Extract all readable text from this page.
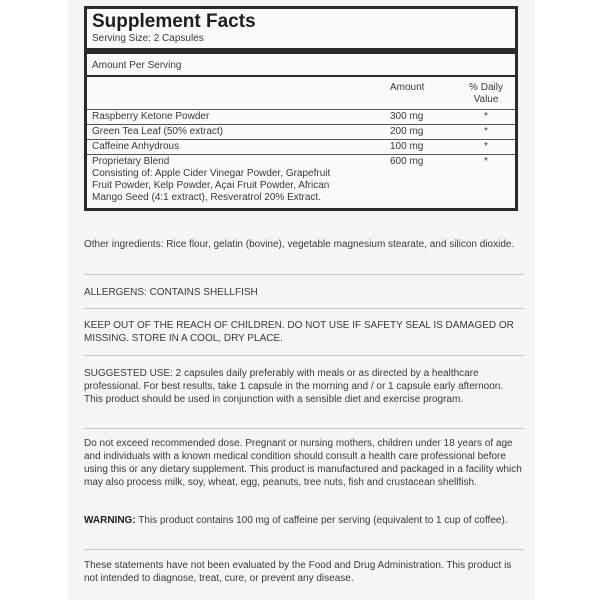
Supplement Facts
Serving Size: 2 Capsules
Amount Per Serving
Amount	% Daily
Value
Raspberry Ketone Powder	300 mg	*
Green Tea Leaf (50% extract)	200 mg	*
Caffeine Anhydrous	100 mg	*
Proprietary Blend
Consisting of: Apple Cider Vinegar Powder, Grapefruit
Fruit Powder, Kelp Powder, Açai Fruit Powder, African
Mango Seed (4:1 extract), Resveratrol 20% Extract.
600 mg	*
Other ingredients: Rice flour, gelatin (bovine), vegetable magnesium stearate, and silicon dioxide.
ALLERGENS: CONTAINS SHELLFISH
KEEP OUT OF THE REACH OF CHILDREN. DO NOT USE IF SAFETY SEAL IS DAMAGED OR MISSING. STORE IN A COOL, DRY PLACE.
SUGGESTED USE: 2 capsules daily preferably with meals or as directed by a healthcare professional. For best results, take 1 capsule in the morning and / or 1 capsule early afternoon. This product should be used in conjunction with a sensible diet and exercise program.
Do not exceed recommended dose. Pregnant or nursing mothers, children under 18 years of age and individuals with a known medical condition should consult a health care professional before using this or any dietary supplement. This product is manufactured and packaged in a facility which may also process milk, soy, wheat, egg, peanuts, tree nuts, fish and crustacean shellfish.
WARNING: This product contains 100 mg of caffeine per serving (equivalent to 1 cup of coffee).
These statements have not been evaluated by the Food and Drug Administration. This product is not intended to diagnose, treat, cure, or prevent any disease.
